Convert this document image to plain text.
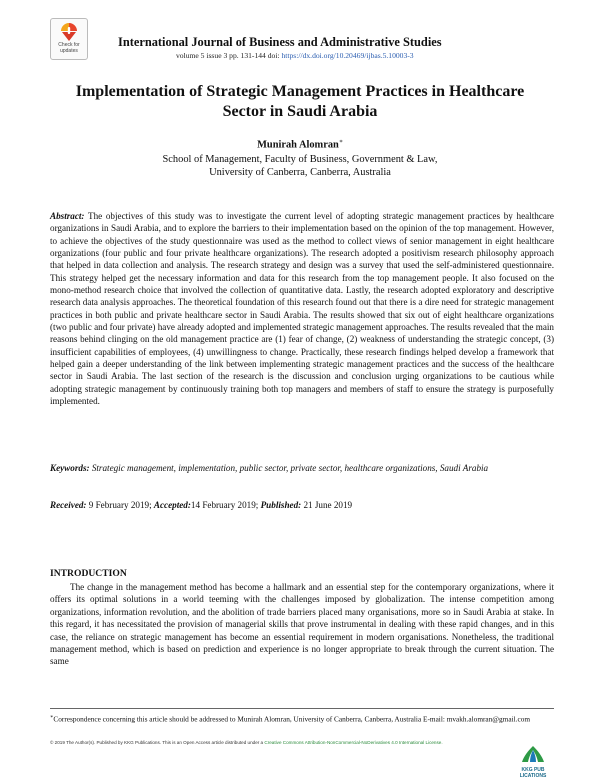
Check for updates
International Journal of Business and Administrative Studies
volume 5 issue 3 pp. 131-144 doi: https://dx.doi.org/10.20469/ijbas.5.10003-3
Implementation of Strategic Management Practices in Healthcare
Sector in Saudi Arabia
Munirah Alomran∗
School of Management, Faculty of Business, Government & Law,
University of Canberra, Canberra, Australia

Abstract: The objectives of this study was to investigate the current level of adopting strategic management practices by healthcare organizations in Saudi Arabia, and to explore the barriers to their implementation based on the opinion of the top management. However, to achieve the objectives of the study questionnaire was used as the method to collect views of senior management in eight healthcare organizations (four public and four private healthcare organizations). The research adopted a positivism research philosophy approach that helped in data collection and analysis. The research strategy and design was a survey that used the self-administered questionnaire. This strategy helped get the necessary information and data for this research from the top management people. It also focused on the mono-method research choice that involved the collection of quantitative data. Lastly, the research adopted exploratory and descriptive research data analysis approaches. The theoretical foundation of this research found out that there is a dire need for strategic management practices in both public and private healthcare sector in Saudi Arabia. The results showed that six out of eight healthcare organizations (two public and four private) have already adopted and implemented strategic management approaches. The results revealed that the main reasons behind clinging on the old management practice are (1) fear of change, (2) weakness of understanding the strategic concept, (3) insufficient capabilities of employees, (4) unwillingness to change. Practically, these research findings helped develop a framework that helped gain a deeper understanding of the link between implementing strategic management practices and the success of the healthcare sector in Saudi Arabia. The last section of the research is the discussion and conclusion urging organizations to be cautious while adopting strategic management by continuously training both top managers and members of staff to ensure the strategy is purposefully implemented.

Keywords: Strategic management, implementation, public sector, private sector, healthcare organizations, Saudi Arabia

Received: 9 February 2019; Accepted:14 February 2019; Published: 21 June 2019

INTRODUCTION

The change in the management method has become a hallmark and an essential step for the contemporary organizations, where it offers its optimal solutions in a world teeming with the challenges imposed by globalization. The intense competition among organizations, information revolution, and the abolition of trade barriers placed many organisations, more so in Saudi Arabia at stake. In this regard, it has necessitated the provision of managerial skills that prove instrumental in dealing with these rapid changes, and in this case, the reliance on strategic management has become an essential requirement in modern organisations. Nonetheless, the traditional management method, which is based on prediction and experience is no longer appropriate to break through the current situation. The same

∗Correspondence concerning this article should be addressed to Munirah Alomran, University of Canberra, Canberra, Australia E-mail: mvakh.alomran@gmail.com

© 2019 The Author(s). Published by KKG Publications. This is an Open Access article distributed under a Creative Commons Attribution-NonCommercial-NoDerivatives 4.0 International License.

KKG PUB LICATIONS
